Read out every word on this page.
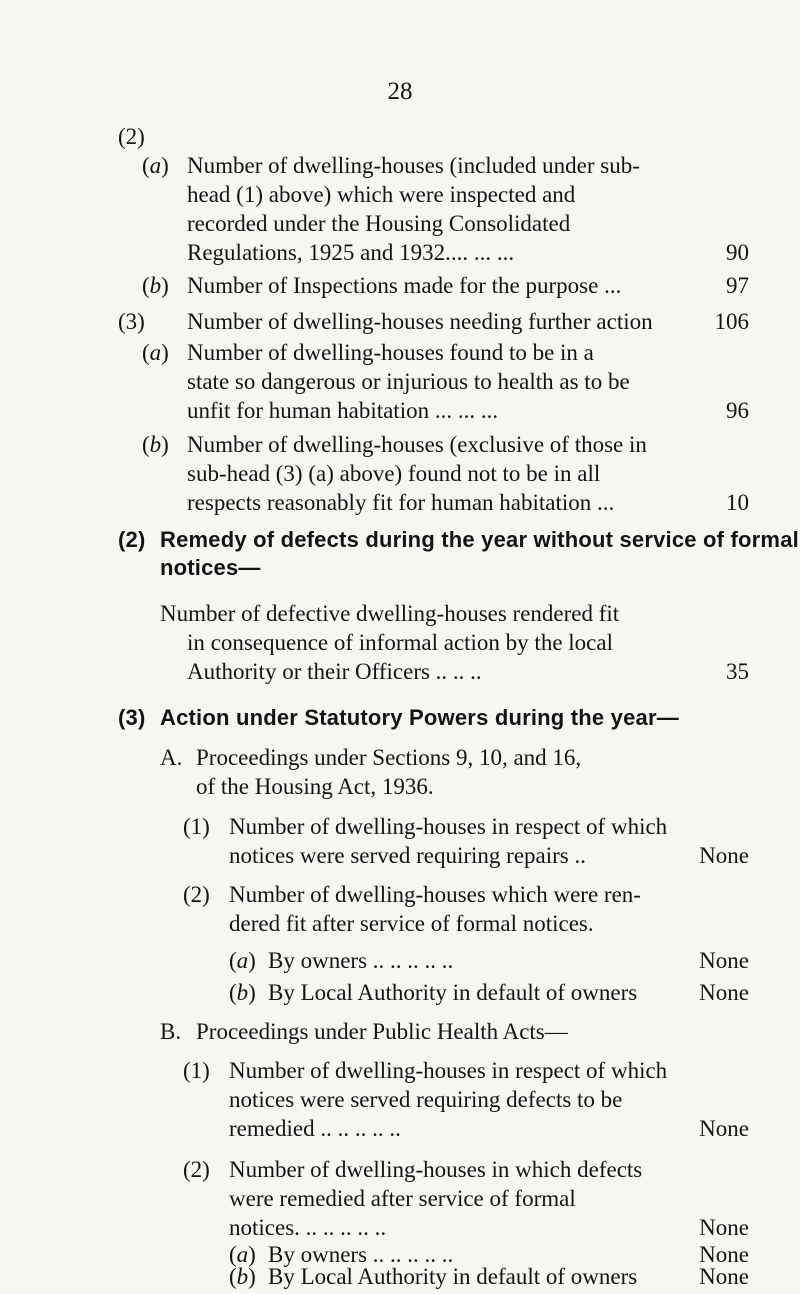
28
(2)
(a) Number of dwelling-houses (included under sub-
head (1) above) which were inspected and
recorded under the Housing Consolidated
Regulations, 1925 and 1932.... ... ...	90
(b) Number of Inspections made for the purpose ...	97
(3) Number of dwelling-houses needing further action	106
(a) Number of dwelling-houses found to be in a
state so dangerous or injurious to health as to be
unfit for human habitation ... ... ...	96
(b) Number of dwelling-houses (exclusive of those in
sub-head (3) (a) above) found not to be in all
respects reasonably fit for human habitation ...	10
(2) Remedy of defects during the year without service of formal
notices—
Number of defective dwelling-houses rendered fit
in consequence of informal action by the local
Authority or their Officers .. .. ..	35
(3) Action under Statutory Powers during the year—
A. Proceedings under Sections 9, 10, and 16,
of the Housing Act, 1936.
(1) Number of dwelling-houses in respect of which
notices were served requiring repairs ..	None
(2) Number of dwelling-houses which were ren-
dered fit after service of formal notices.
(a) By owners .. .. .. .. ..	None
(b) By Local Authority in default of owners	None
B. Proceedings under Public Health Acts—
(1) Number of dwelling-houses in respect of which
notices were served requiring defects to be
remedied .. .. .. .. ..	None
(2) Number of dwelling-houses in which defects
were remedied after service of formal
notices. .. .. .. .. ..	None
(a) By owners .. .. .. .. ..	None
(b) By Local Authority in default of owners	None
